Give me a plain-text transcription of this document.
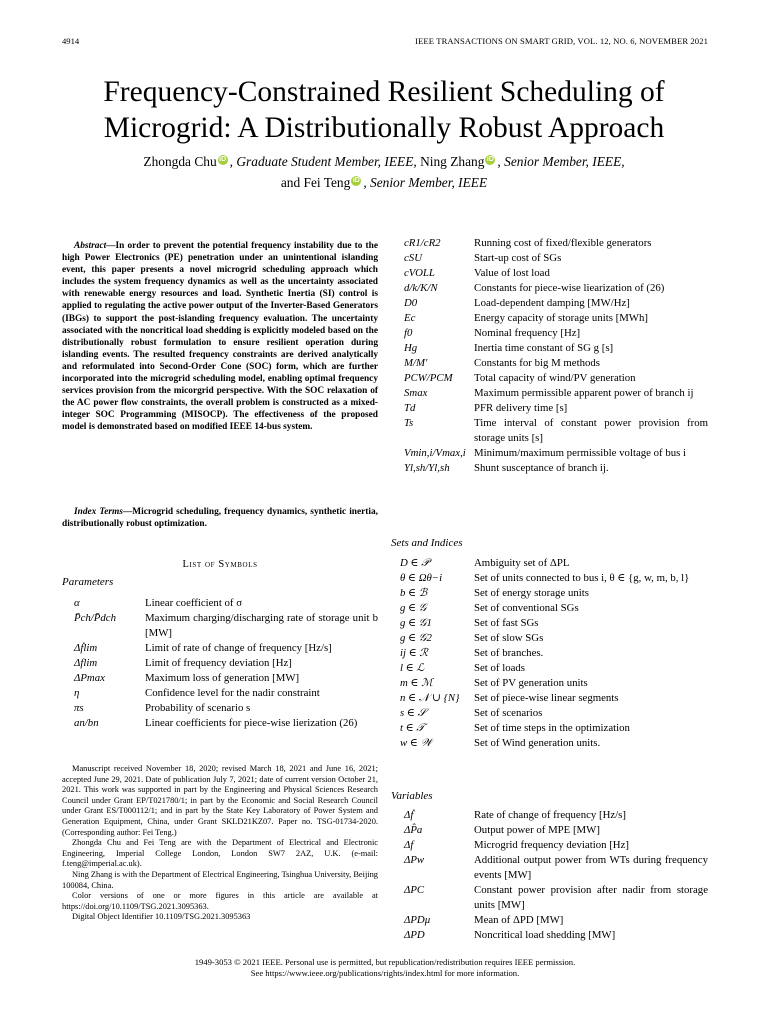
4914	IEEE TRANSACTIONS ON SMART GRID, VOL. 12, NO. 6, NOVEMBER 2021
Frequency-Constrained Resilient Scheduling of Microgrid: A Distributionally Robust Approach
Zhongda Chu iD , Graduate Student Member, IEEE, Ning Zhang iD , Senior Member, IEEE,
and Fei Teng iD , Senior Member, IEEE
Abstract—In order to prevent the potential frequency instability due to the high Power Electronics (PE) penetration under an unintentional islanding event, this paper presents a novel microgrid scheduling approach which includes the system frequency dynamics as well as the uncertainty associated with renewable energy resources and load. Synthetic Inertia (SI) control is applied to regulating the active power output of the Inverter-Based Generators (IBGs) to support the post-islanding frequency evaluation. The uncertainty associated with the noncritical load shedding is explicitly modeled based on the distributionally robust formulation to ensure resilient operation during islanding events. The resulted frequency constraints are derived analytically and reformulated into Second-Order Cone (SOC) form, which are further incorporated into the microgrid scheduling model, enabling optimal frequency services provision from the micorgrid perspective. With the SOC relaxation of the AC power flow constraints, the overall problem is constructed as a mixed-integer SOC Programming (MISOCP). The effectiveness of the proposed model is demonstrated based on modified IEEE 14-bus system.
Index Terms—Microgrid scheduling, frequency dynamics, synthetic inertia, distributionally robust optimization.
List of Symbols
Parameters
α	Linear coefficient of σ
P̄ch/P̄dch	Maximum charging/discharging rate of storage unit b [MW]
Δḟlim	Limit of rate of change of frequency [Hz/s]
Δflim	Limit of frequency deviation [Hz]
ΔPmax	Maximum loss of generation [MW]
η	Confidence level for the nadir constraint
πs	Probability of scenario s
an/bn	Linear coefficients for piece-wise lierization (26)

Manuscript received November 18, 2020; revised March 18, 2021 and June 16, 2021; accepted June 29, 2021. Date of publication July 7, 2021; date of current version October 21, 2021. This work was supported in part by the Engineering and Physical Sciences Research Council under Grant EP/T021780/1; in part by the Economic and Social Research Council under Grant ES/T000112/1; and in part by the State Key Laboratory of Power System and Generation Equipment, China, under Grant SKLD21KZ07. Paper no. TSG-01734-2020. (Corresponding author: Fei Teng.)

Zhongda Chu and Fei Teng are with the Department of Electrical and Electronic Engineering, Imperial College London, London SW7 2AZ, U.K. (e-mail: f.teng@imperial.ac.uk).

Ning Zhang is with the Department of Electrical Engineering, Tsinghua University, Beijing 100084, China.

Color versions of one or more figures in this article are available at https://doi.org/10.1109/TSG.2021.3095363.

Digital Object Identifier 10.1109/TSG.2021.3095363

cR1/cR2	Running cost of fixed/flexible generators
cSU	Start-up cost of SGs
cVOLL	Value of lost load
d/k/K/N	Constants for piece-wise liearization of (26)
D0	Load-dependent damping [MW/Hz]
Ec	Energy capacity of storage units [MWh]
f0	Nominal frequency [Hz]
Hg	Inertia time constant of SG g [s]
M/M′	Constants for big M methods
PCW/PCM Total capacity of wind/PV generation
Smax	Maximum permissible apparent power of branch ij
Td	PFR delivery time [s]
Ts	Time interval of constant power provision from storage units [s]
Vmin,i/Vmax,i Minimum/maximum permissible voltage of bus i
Yl,sh/Yl,sh Shunt susceptance of branch ij.
Sets and Indices
D ∈ 𝒫	Ambiguity set of ΔPL
θ ∈ Ωθ−i	Set of units connected to bus i, θ ∈ {g, w, m, b, l}
b ∈ ℬ	Set of energy storage units
g ∈ 𝒢	Set of conventional SGs
g ∈ 𝒢1	Set of fast SGs
g ∈ 𝒢2	Set of slow SGs
ij ∈ ℛ	Set of branches.
l ∈ ℒ	Set of loads
m ∈ ℳ	Set of PV generation units
n ∈ 𝒩 ∪ {N} Set of piece-wise linear segments
s ∈ 𝒮	Set of scenarios
t ∈ 𝒯	Set of time steps in the optimization
w ∈ 𝒲	Set of Wind generation units.
Variables
Δḟ	Rate of change of frequency [Hz/s]
ΔP̂a	Output power of MPE [MW]
Δf	Microgrid frequency deviation [Hz]
ΔPw	Additional output power from WTs during frequency events [MW]
ΔPC	Constant power provision after nadir from storage units [MW]
ΔPDμ	Mean of ΔPD [MW]
ΔPD	Noncritical load shedding [MW]
1949-3053 © 2021 IEEE. Personal use is permitted, but republication/redistribution requires IEEE permission.
See https://www.ieee.org/publications/rights/index.html for more information.
